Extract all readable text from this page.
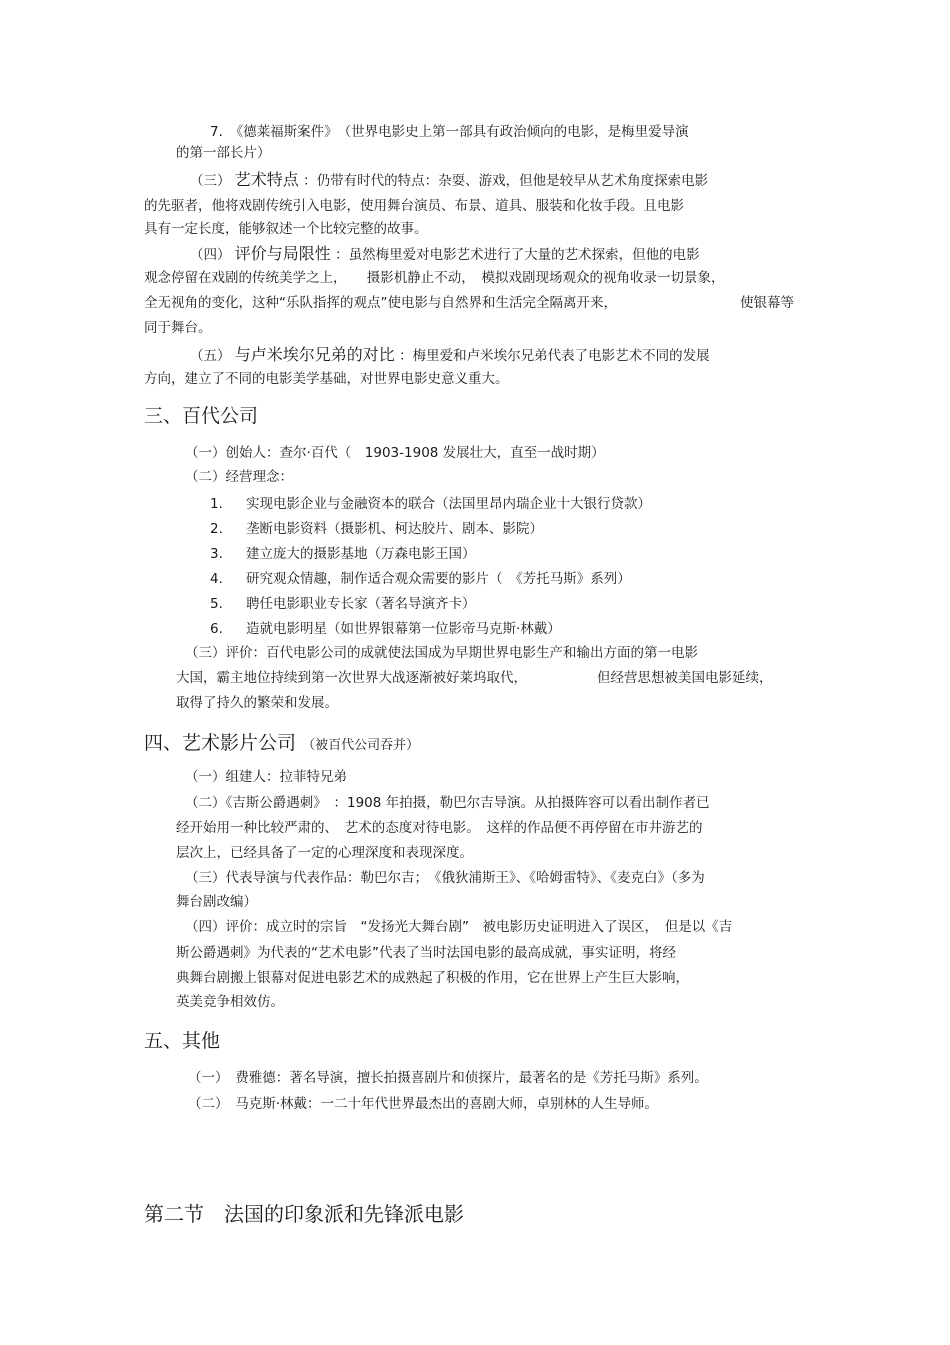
7.　《德莱福斯案件》　（世界电影史上第一部具有政治倾向的电影，是梅里爱导演
的第一部长片）
（三） 艺术特点 ：仍带有时代的特点：杂耍、游戏，但他是较早从艺术角度探索电影
的先驱者，他将戏剧传统引入电影，使用舞台演员、布景、道具、服装和化妆手段。且电影
具有一定长度，能够叙述一个比较完整的故事。
（四） 评价与局限性 ：虽然梅里爱对电影艺术进行了大量的艺术探索，但他的电影
观念停留在戏剧的传统美学之上，　　摄影机静止不动，　模拟戏剧现场观众的视角收录一切景象，
全无视角的变化，这种“乐队指挥的观点”使电影与自然界和生活完全隔离开来，	使银幕等
同于舞台。
（五） 与卢米埃尔兄弟的对比 ：梅里爱和卢米埃尔兄弟代表了电影艺术不同的发展
方向，建立了不同的电影美学基础，对世界电影史意义重大。
三、百代公司
（一）创始人：查尔·百代（　1903-1908 发展壮大，直至一战时期）
（二）经营理念：
1. 实现电影企业与金融资本的联合（法国里昂内瑞企业十大银行贷款）
2. 垄断电影资料（摄影机、柯达胶片、剧本、影院）
3. 建立庞大的摄影基地（万森电影王国）
4. 研究观众情趣，制作适合观众需要的影片（　《芳托马斯》系列）
5. 聘任电影职业专长家（著名导演齐卡）
6. 造就电影明星（如世界银幕第一位影帝马克斯·林戴）
（三）评价：百代电影公司的成就使法国成为早期世界电影生产和输出方面的第一电影
大国，霸主地位持续到第一次世界大战逐渐被好莱坞取代，	但经营思想被美国电影延续，
取得了持久的繁荣和发展。
四、艺术影片公司 （被百代公司吞并）
（一）组建人：拉菲特兄弟
（二）《吉斯公爵遇刺》　：1908 年拍摄，勒巴尔吉导演。从拍摄阵容可以看出制作者已
经开始用一种比较严肃的、　艺术的态度对待电影。　这样的作品便不再停留在市井游艺的
层次上，已经具备了一定的心理深度和表现深度。
（三）代表导演与代表作品：勒巴尔吉；　《俄狄浦斯王》、《哈姆雷特》、《麦克白》（多为
舞台剧改编）
（四）评价：成立时的宗旨　“发扬光大舞台剧”　被电影历史证明进入了误区，　但是以《吉
斯公爵遇刺》为代表的“艺术电影”代表了当时法国电影的最高成就，事实证明，将经
典舞台剧搬上银幕对促进电影艺术的成熟起了积极的作用，它在世界上产生巨大影响，
英美竞争相效仿。
五、其他
（一）　费雅德：著名导演，擅长拍摄喜剧片和侦探片，最著名的是《芳托马斯》系列。
（二）　马克斯·林戴：一二十年代世界最杰出的喜剧大师，卓别林的人生导师。
第二节　法国的印象派和先锋派电影
